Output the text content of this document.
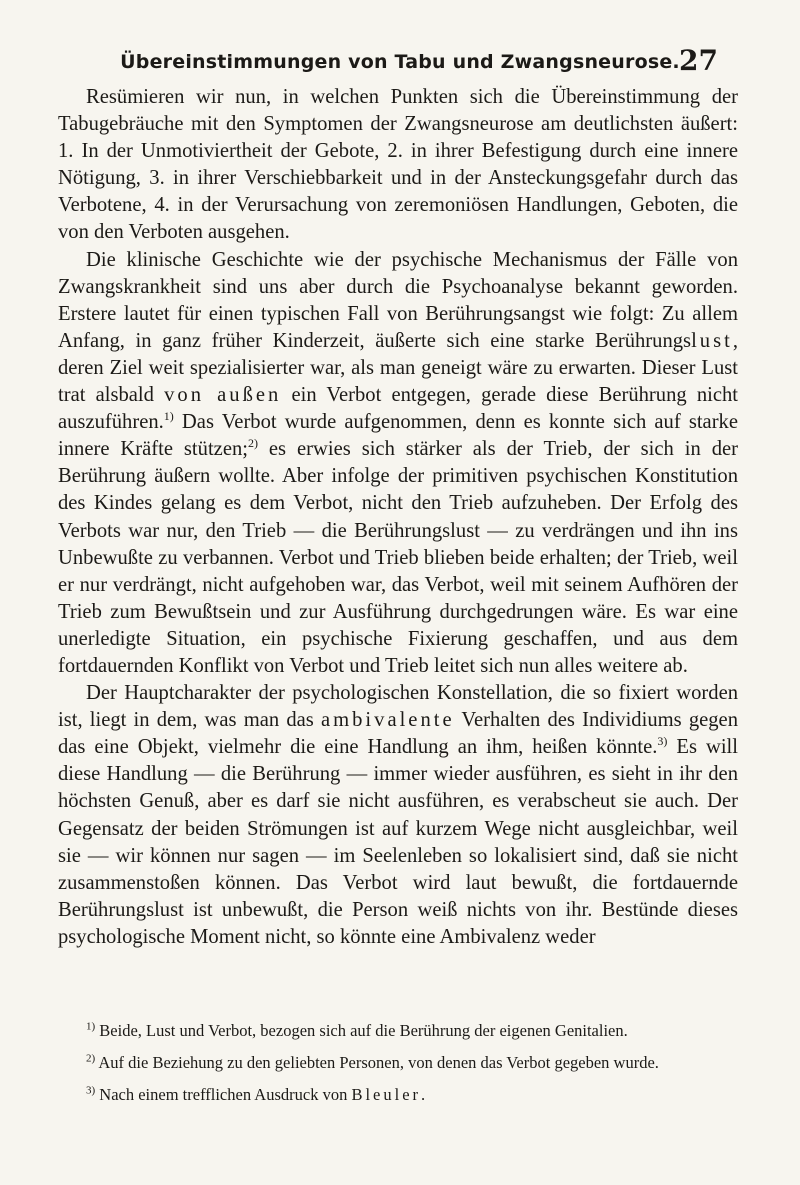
Übereinstimmungen von Tabu und Zwangsneurose. 27

Resümieren wir nun, in welchen Punkten sich die Übereinstimmung der Tabugebräuche mit den Symptomen der Zwangsneurose am deutlichsten äußert: 1. In der Unmotiviertheit der Gebote, 2. in ihrer Befestigung durch eine innere Nötigung, 3. in ihrer Verschiebbarkeit und in der Ansteckungsgefahr durch das Verbotene, 4. in der Verursachung von zeremoniösen Handlungen, Geboten, die von den Verboten ausgehen.

Die klinische Geschichte wie der psychische Mechanismus der Fälle von Zwangskrankheit sind uns aber durch die Psychoanalyse bekannt geworden. Erstere lautet für einen typischen Fall von Berührungsangst wie folgt: Zu allem Anfang, in ganz früher Kinderzeit, äußerte sich eine starke Berührungslust, deren Ziel weit spezialisierter war, als man geneigt wäre zu erwarten. Dieser Lust trat alsbald von außen ein Verbot entgegen, gerade diese Berührung nicht auszuführen.$^{1)}$ Das Verbot wurde aufgenommen, denn es konnte sich auf starke innere Kräfte stützen;$^{2)}$ es erwies sich stärker als der Trieb, der sich in der Berührung äußern wollte. Aber infolge der primitiven psychischen Konstitution des Kindes gelang es dem Verbot, nicht den Trieb aufzuheben. Der Erfolg des Verbots war nur, den Trieb — die Berührungslust — zu verdrängen und ihn ins Unbewußte zu verbannen. Verbot und Trieb blieben beide erhalten; der Trieb, weil er nur verdrängt, nicht aufgehoben war, das Verbot, weil mit seinem Aufhören der Trieb zum Bewußtsein und zur Ausführung durchgedrungen wäre. Es war eine unerledigte Situation, ein psychische Fixierung geschaffen, und aus dem fortdauernden Konflikt von Verbot und Trieb leitet sich nun alles weitere ab.

Der Hauptcharakter der psychologischen Konstellation, die so fixiert worden ist, liegt in dem, was man das ambivalente Verhalten des Individiums gegen das eine Objekt, vielmehr die eine Handlung an ihm, heißen könnte.$^{3)}$ Es will diese Handlung — die Berührung — immer wieder ausführen, es sieht in ihr den höchsten Genuß, aber es darf sie nicht ausführen, es verabscheut sie auch. Der Gegensatz der beiden Strömungen ist auf kurzem Wege nicht ausgleichbar, weil sie — wir können nur sagen — im Seelenleben so lokalisiert sind, daß sie nicht zusammenstoßen können. Das Verbot wird laut bewußt, die fortdauernde Berührungslust ist unbewußt, die Person weiß nichts von ihr. Bestünde dieses psychologische Moment nicht, so könnte eine Ambivalenz weder

$^{1)}$ Beide, Lust und Verbot, bezogen sich auf die Berührung der eigenen Genitalien.

$^{2)}$ Auf die Beziehung zu den geliebten Personen, von denen das Verbot gegeben wurde.

$^{3)}$ Nach einem trefflichen Ausdruck von Bleuler.
